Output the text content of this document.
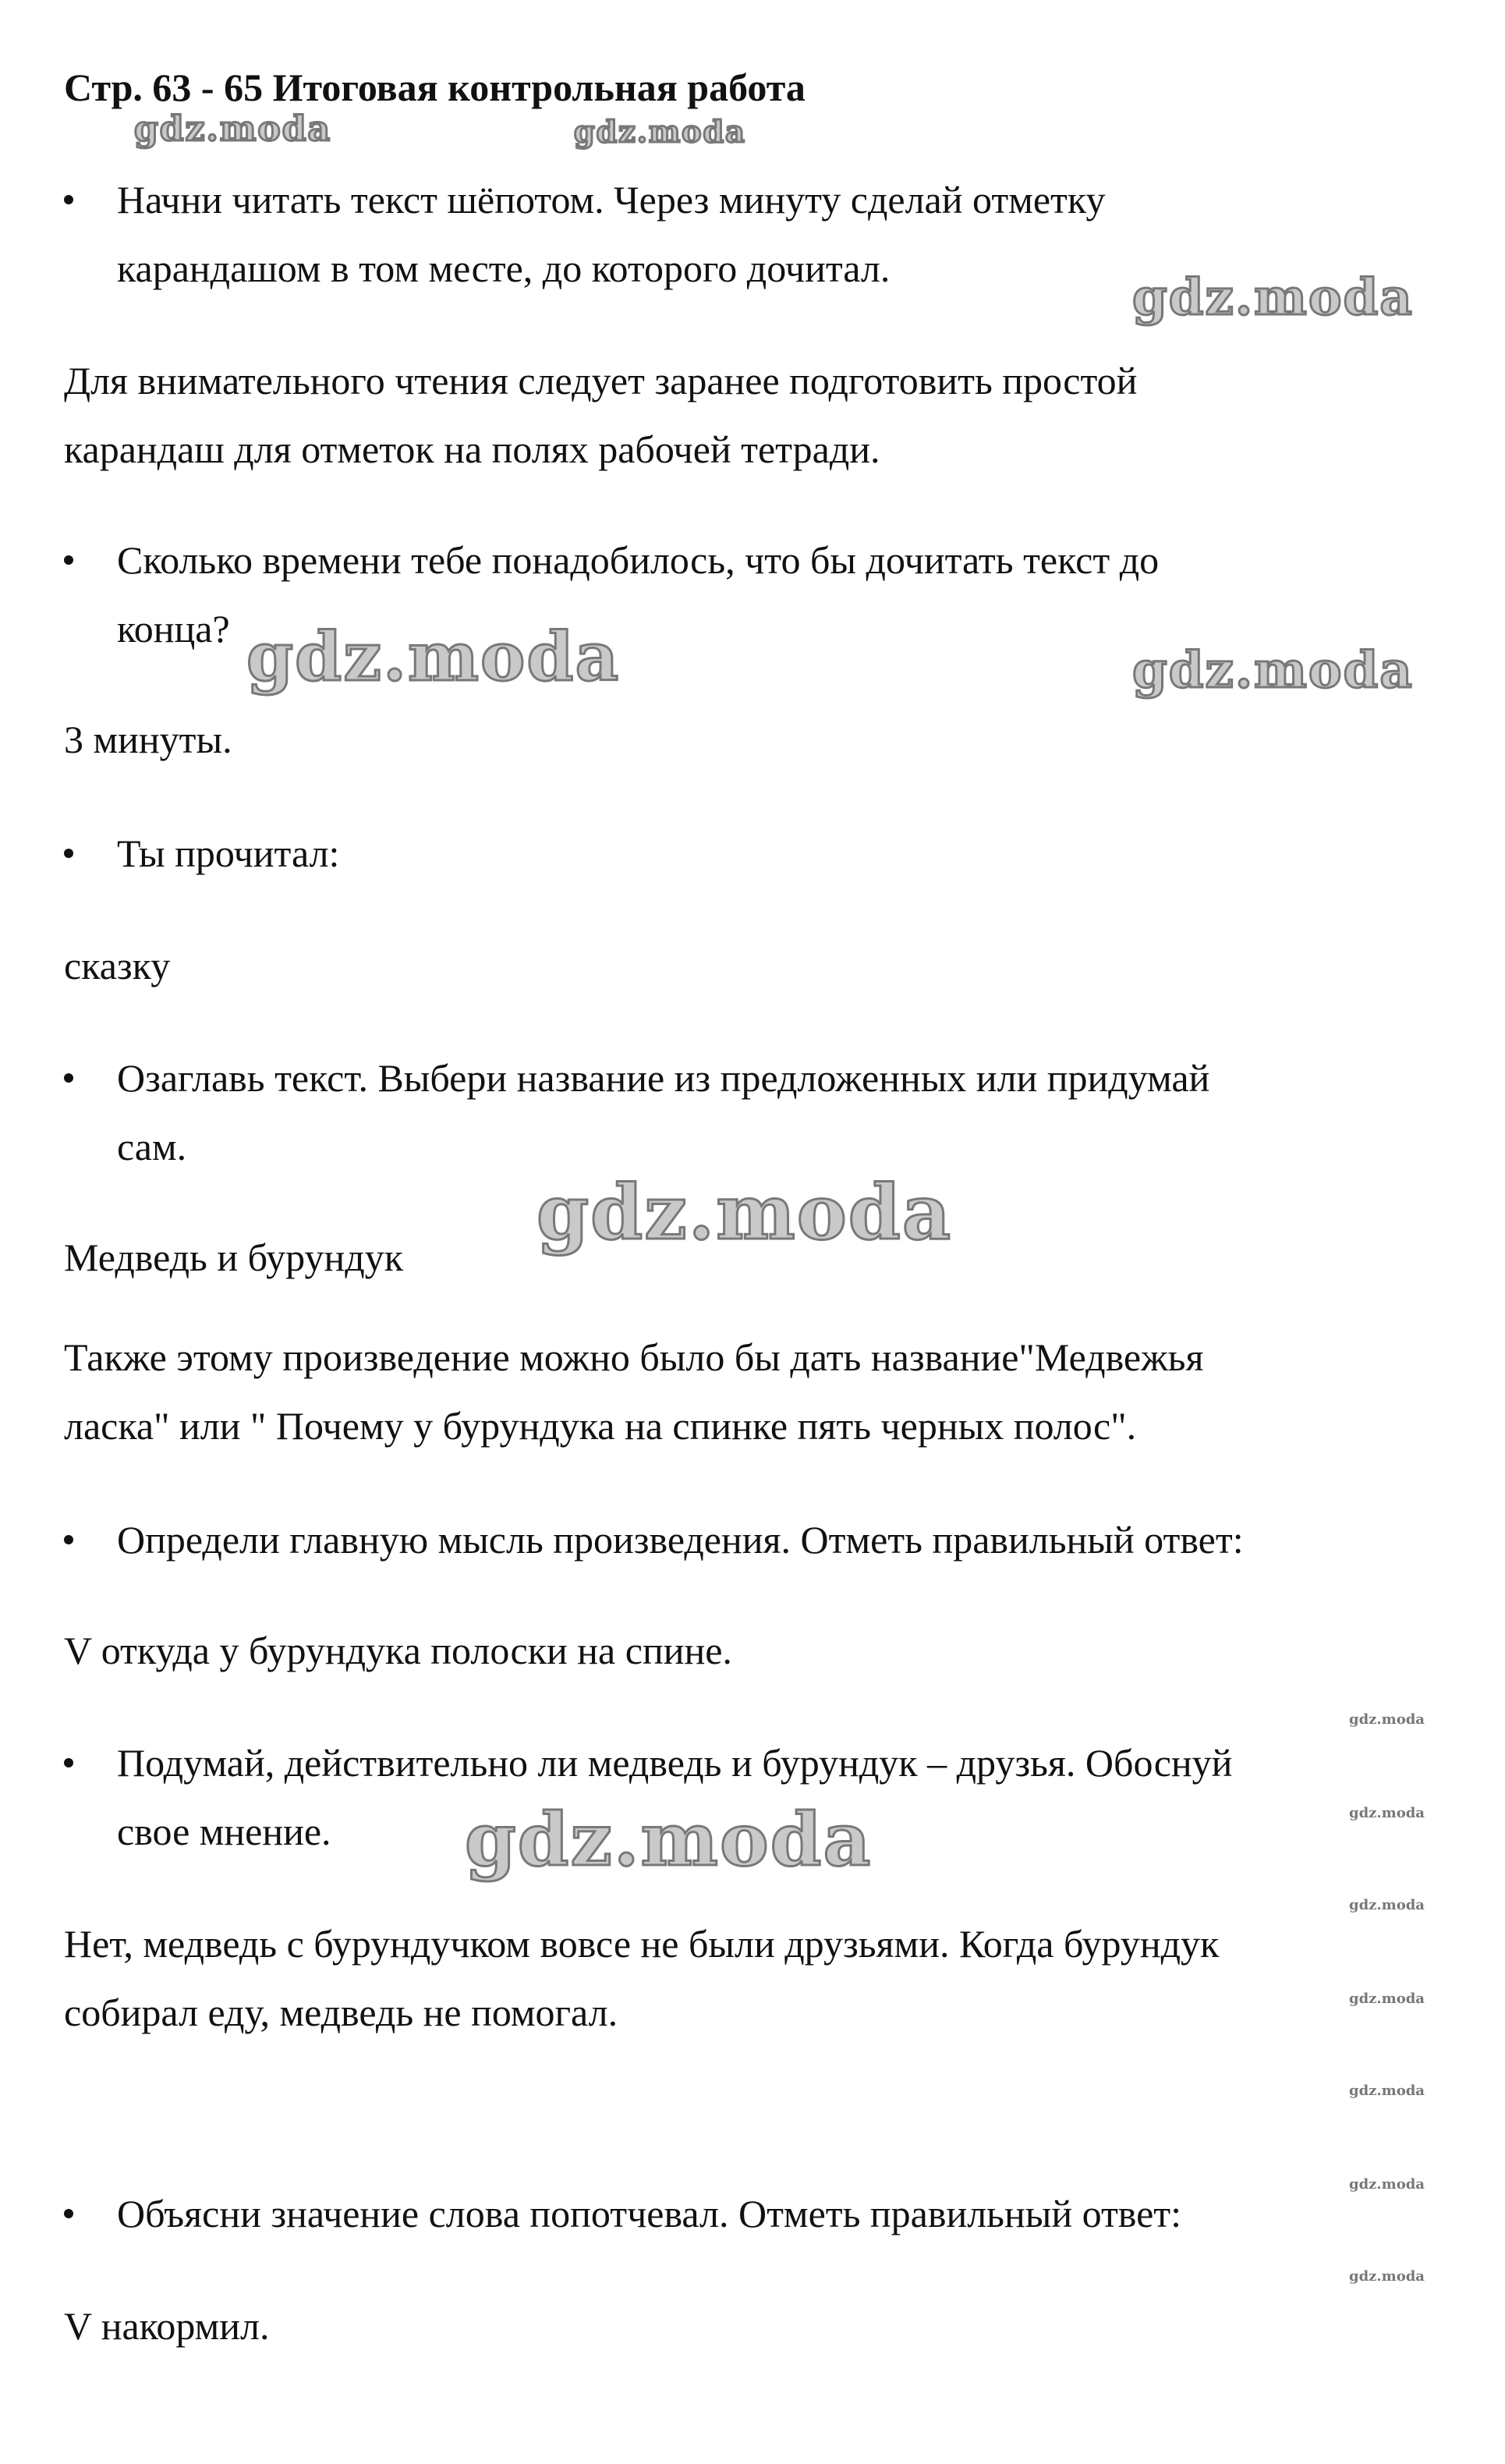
Стр. 63 - 65 Итоговая контрольная работа
Начни читать текст шёпотом. Через минуту сделай отметку
карандашом в том месте, до которого дочитал.
Для внимательного чтения следует заранее подготовить простой
карандаш для отметок на полях рабочей тетради.
Сколько времени тебе понадобилось, что бы дочитать текст до
конца?
3 минуты.
Ты прочитал:
сказку
Озаглавь текст. Выбери название из предложенных или придумай
сам.
Медведь и бурундук
Также этому произведение можно было бы дать название"Медвежья
ласка" или " Почему у бурундука на спинке пять черных полос".
Определи главную мысль произведения. Отметь правильный ответ:
V откуда у бурундука полоски на спине.
Подумай, действительно ли медведь и бурундук – друзья. Обоснуй
свое мнение.
Нет, медведь с бурундучком вовсе не были друзьями. Когда бурундук
собирал еду, медведь не помогал.
Объясни значение слова попотчевал. Отметь правильный ответ:
V накормил.
gdz.moda	gdz.moda
gdz.moda
gdz.moda	gdz.moda
gdz.moda
gdz.moda
gdz.moda
gdz.moda
gdz.moda
gdz.moda
gdz.moda
gdz.moda
gdz.moda
